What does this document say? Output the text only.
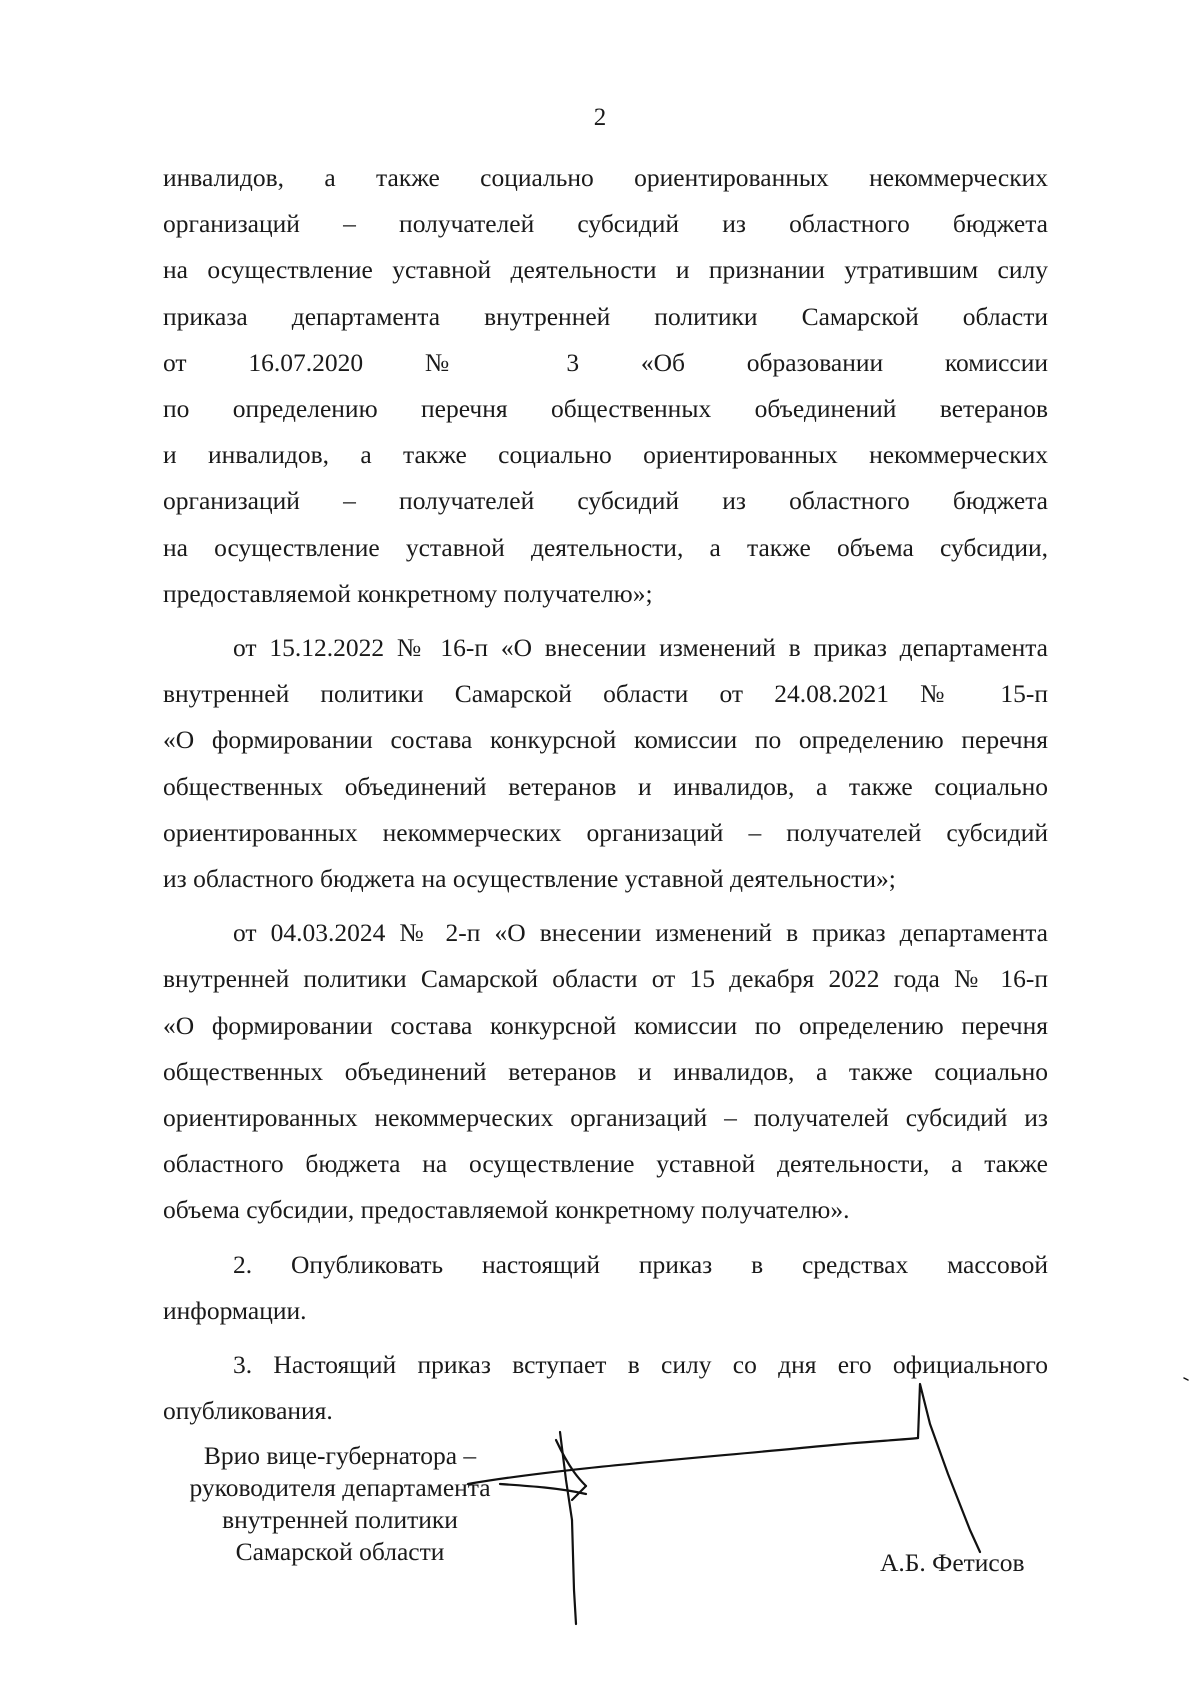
2
инвалидов, а также социально ориентированных некоммерческих
организаций – получателей субсидий из областного бюджета
на осуществление уставной деятельности и признании утратившим силу
приказа департамента внутренней политики Самарской области
от 16.07.2020 № 3 «Об образовании комиссии
по определению перечня общественных объединений ветеранов
и инвалидов, а также социально ориентированных некоммерческих
организаций – получателей субсидий из областного бюджета
на осуществление уставной деятельности, а также объема субсидии,
предоставляемой конкретному получателю»;
от 15.12.2022 № 16-п «О внесении изменений в приказ департамента
внутренней политики Самарской области от 24.08.2021 № 15-п
«О формировании состава конкурсной комиссии по определению перечня
общественных объединений ветеранов и инвалидов, а также социально
ориентированных некоммерческих организаций – получателей субсидий
из областного бюджета на осуществление уставной деятельности»;
от 04.03.2024 № 2-п «О внесении изменений в приказ департамента
внутренней политики Самарской области от 15 декабря 2022 года № 16-п
«О формировании состава конкурсной комиссии по определению перечня
общественных объединений ветеранов и инвалидов, а также социально
ориентированных некоммерческих организаций – получателей субсидий из
областного бюджета на осуществление уставной деятельности, а также
объема субсидии, предоставляемой конкретному получателю».
2. Опубликовать настоящий приказ в средствах массовой
информации.
3. Настоящий приказ вступает в силу со дня его официального
опубликования.
Врио вице-губернатора –
руководителя департамента
внутренней политики
Самарской области	А.Б. Фетисов
